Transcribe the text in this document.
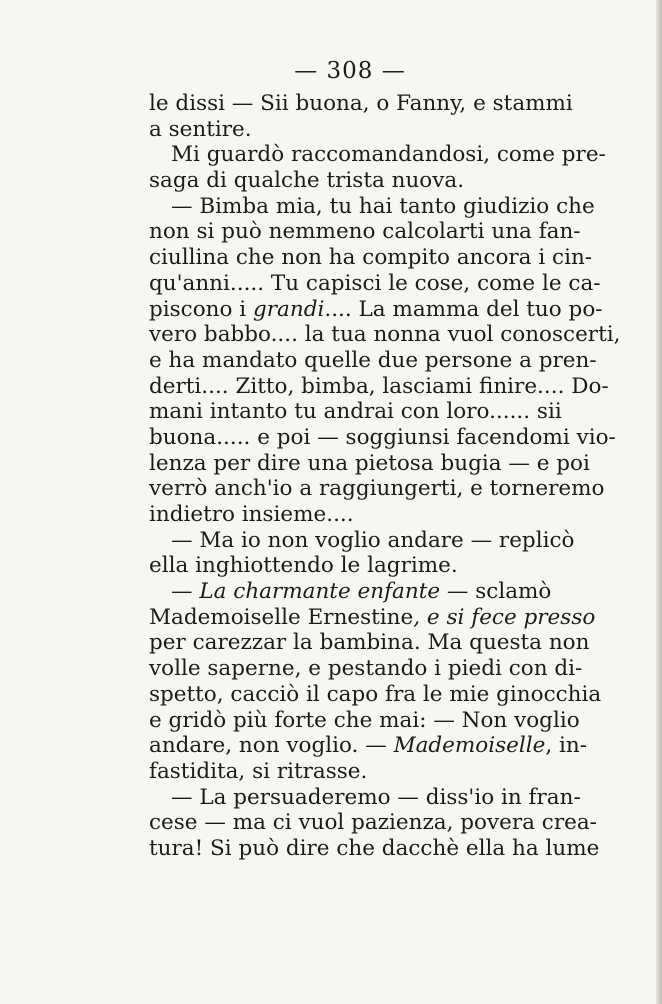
— 308 —
le dissi — Sii buona, o Fanny, e stammi
a sentire.
Mi guardò raccomandandosi, come pre-
saga di qualche trista nuova.
— Bimba mia, tu hai tanto giudizio che
non si può nemmeno calcolarti una fan-
ciullina che non ha compito ancora i cin-
qu'anni..... Tu capisci le cose, come le ca-
piscono i grandi.... La mamma del tuo po-
vero babbo.... la tua nonna vuol conoscerti,
e ha mandato quelle due persone a pren-
derti.... Zitto, bimba, lasciami finire.... Do-
mani intanto tu andrai con loro...... sii
buona..... e poi — soggiunsi facendomi vio-
lenza per dire una pietosa bugia — e poi
verrò anch'io a raggiungerti, e torneremo
indietro insieme....
— Ma io non voglio andare — replicò
ella inghiottendo le lagrime.
— La charmante enfante — sclamò
Mademoiselle Ernestine, e si fece presso
per carezzar la bambina. Ma questa non
volle saperne, e pestando i piedi con di-
spetto, cacciò il capo fra le mie ginocchia
e gridò più forte che mai: — Non voglio
andare, non voglio. — Mademoiselle, in-
fastidita, si ritrasse.
— La persuaderemo — diss'io in fran-
cese — ma ci vuol pazienza, povera crea-
tura! Si può dire che dacchè ella ha lume
